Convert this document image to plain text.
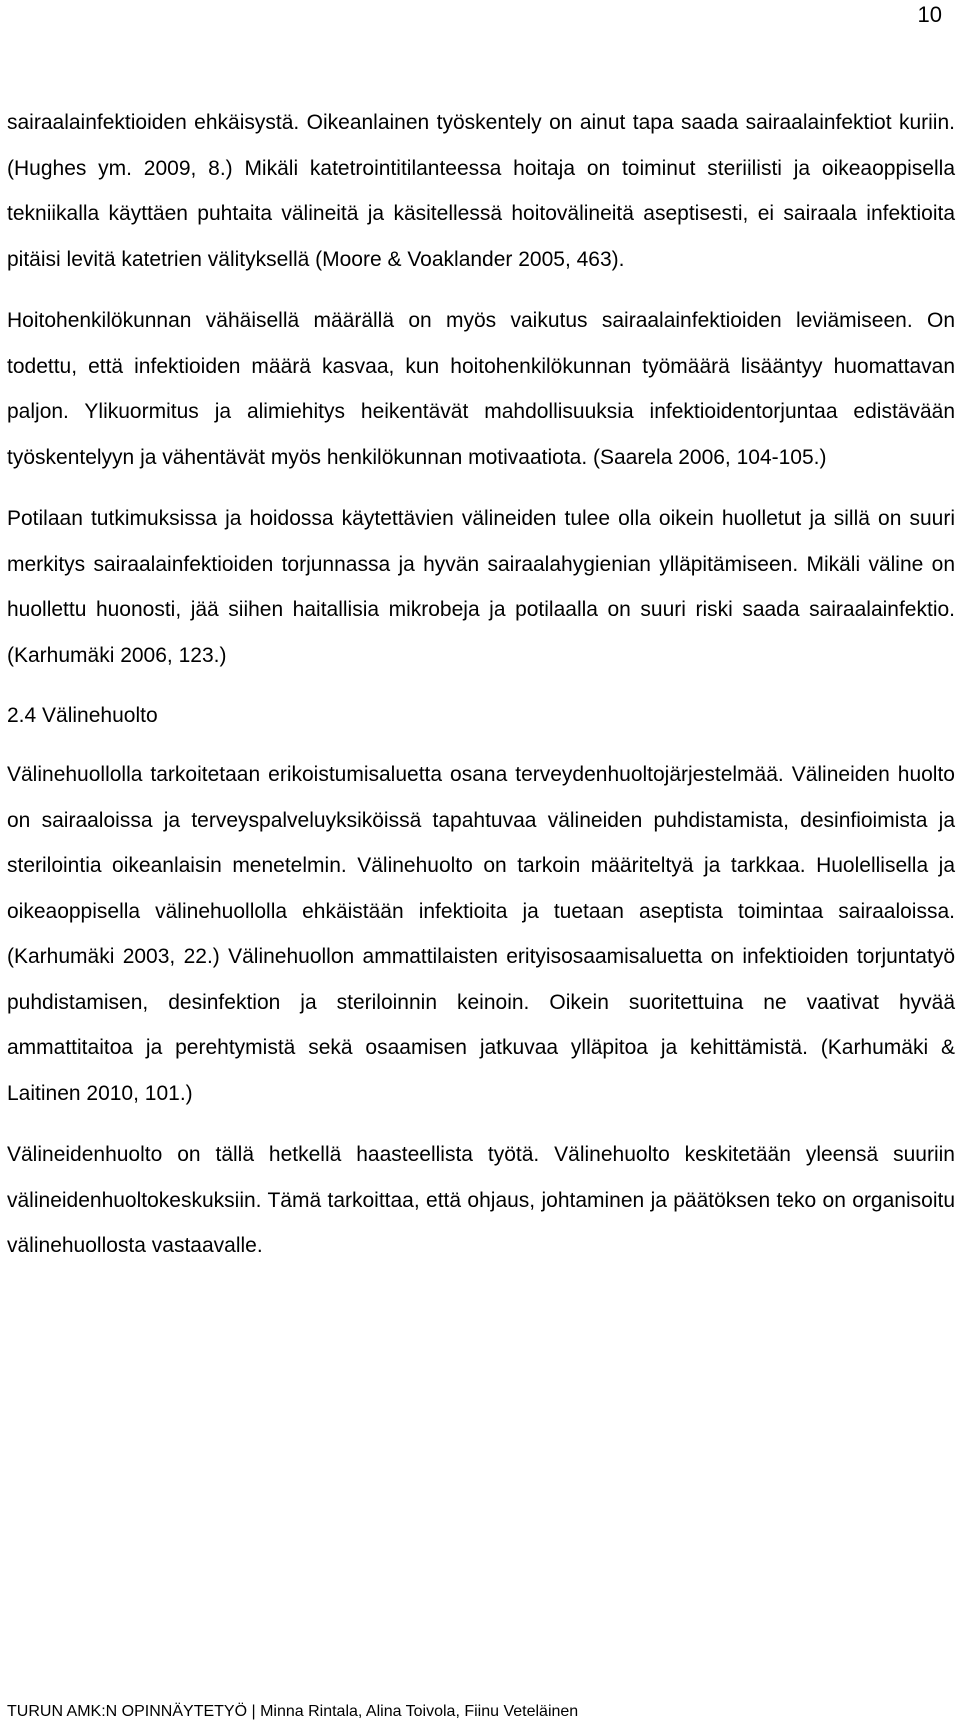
10

sairaalainfektioiden ehkäisystä. Oikeanlainen työskentely on ainut tapa saada sairaalainfektiot kuriin. (Hughes ym. 2009, 8.) Mikäli katetrointitilanteessa hoitaja on toiminut steriilisti ja oikeaoppisella tekniikalla käyttäen puhtaita välineitä ja käsitellessä hoitovälineitä aseptisesti, ei sairaala infektioita pitäisi levitä katetrien välityksellä (Moore & Voaklander 2005, 463).

Hoitohenkilökunnan vähäisellä määrällä on myös vaikutus sairaalainfektioiden leviämiseen. On todettu, että infektioiden määrä kasvaa, kun hoitohenkilökunnan työmäärä lisääntyy huomattavan paljon. Ylikuormitus ja alimiehitys heikentävät mahdollisuuksia infektioidentorjuntaa edistävään työskentelyyn ja vähentävät myös henkilökunnan motivaatiota. (Saarela 2006, 104-105.)

Potilaan tutkimuksissa ja hoidossa käytettävien välineiden tulee olla oikein huolletut ja sillä on suuri merkitys sairaalainfektioiden torjunnassa ja hyvän sairaalahygienian ylläpitämiseen. Mikäli väline on huollettu huonosti, jää siihen haitallisia mikrobeja ja potilaalla on suuri riski saada sairaalainfektio. (Karhumäki 2006, 123.)

2.4 Välinehuolto

Välinehuollolla tarkoitetaan erikoistumisaluetta osana terveydenhuoltojärjestelmää. Välineiden huolto on sairaaloissa ja terveyspalveluyksiköissä tapahtuvaa välineiden puhdistamista, desinfioimista ja sterilointia oikeanlaisin menetelmin. Välinehuolto on tarkoin määriteltyä ja tarkkaa. Huolellisella ja oikeaoppisella välinehuollolla ehkäistään infektioita ja tuetaan aseptista toimintaa sairaaloissa. (Karhumäki 2003, 22.) Välinehuollon ammattilaisten erityisosaamisaluetta on infektioiden torjuntatyö puhdistamisen, desinfektion ja steriloinnin keinoin. Oikein suoritettuina ne vaativat hyvää ammattitaitoa ja perehtymistä sekä osaamisen jatkuvaa ylläpitoa ja kehittämistä. (Karhumäki & Laitinen 2010, 101.)

Välineidenhuolto on tällä hetkellä haasteellista työtä. Välinehuolto keskitetään yleensä suuriin välineidenhuoltokeskuksiin. Tämä tarkoittaa, että ohjaus, johtaminen ja päätöksen teko on organisoitu välinehuollosta vastaavalle.

TURUN AMK:N OPINNÄYTETYÖ | Minna Rintala, Alina Toivola, Fiinu Veteläinen
